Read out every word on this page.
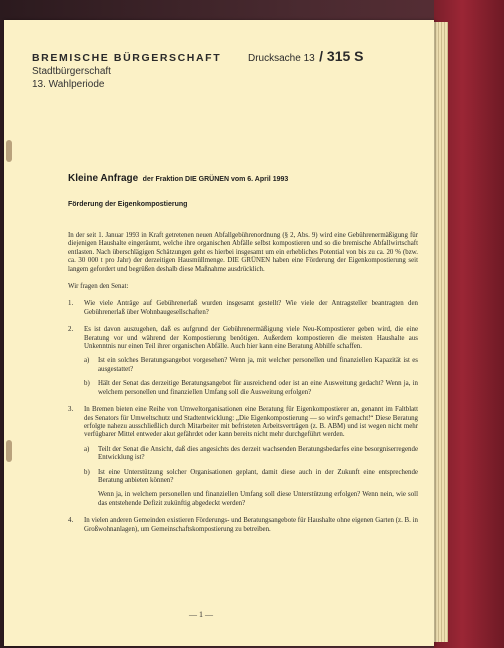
BREMISCHE BÜRGERSCHAFT
Stadtbürgerschaft
13. Wahlperiode
Drucksache 13 / 315 S
Kleine Anfrage der Fraktion DIE GRÜNEN vom 6. April 1993
Förderung der Eigenkompostierung

In der seit 1. Januar 1993 in Kraft getretenen neuen Abfallgebührenordnung (§ 2, Abs. 9) wird eine Gebührenermäßigung für diejenigen Haushalte eingeräumt, welche ihre organischen Abfälle selbst kompostieren und so die bremische Abfallwirtschaft entlasten. Nach überschlägigen Schätzungen geht es hierbei insgesamt um ein erhebliches Potential von bis zu ca. 20 % (bzw. ca. 30 000 t pro Jahr) der derzeitigen Hausmüllmenge. DIE GRÜNEN haben eine Förderung der Eigenkompostierung seit langem gefordert und begrüßen deshalb diese Maßnahme ausdrücklich.

Wir fragen den Senat:

1.	Wie viele Anträge auf Gebührenerlaß wurden insgesamt gestellt? Wie viele der Antragsteller beantragten den Gebührenerlaß über Wohnbaugesellschaften?
2.	Es ist davon auszugehen, daß es aufgrund der Gebührenermäßigung viele Neu-Kompostierer geben wird, die eine Beratung vor und während der Kompostierung benötigen. Außerdem kompostieren die meisten Haushalte aus Unkenntnis nur einen Teil ihrer organischen Abfälle. Auch hier kann eine Beratung Abhilfe schaffen.
a)	Ist ein solches Beratungsangebot vorgesehen? Wenn ja, mit welcher personellen und finanziellen Kapazität ist es ausgestattet?
b)	Hält der Senat das derzeitige Beratungsangebot für ausreichend oder ist an eine Ausweitung gedacht? Wenn ja, in welchem personellen und finanziellen Umfang soll die Ausweitung erfolgen?
3.	In Bremen bieten eine Reihe von Umweltorganisationen eine Beratung für Eigenkompostierer an, genannt im Faltblatt des Senators für Umweltschutz und Stadtentwicklung: „Die Eigenkompostierung — so wird's gemacht!“ Diese Beratung erfolgte nahezu ausschließlich durch Mitarbeiter mit befristeten Arbeitsverträgen (z. B. ABM) und ist wegen nicht mehr verfügbarer Mittel entweder akut gefährdet oder kann bereits nicht mehr durchgeführt werden.
a)	Teilt der Senat die Ansicht, daß dies angesichts des derzeit wachsenden Beratungsbedarfes eine besorgniserregende Entwicklung ist?
b)	Ist eine Unterstützung solcher Organisationen geplant, damit diese auch in der Zukunft eine entsprechende Beratung anbieten können?
Wenn ja, in welchem personellen und finanziellen Umfang soll diese Unterstützung erfolgen? Wenn nein, wie soll das entstehende Defizit zukünftig abgedeckt werden?
4.	In vielen anderen Gemeinden existieren Förderungs- und Beratungsangebote für Haushalte ohne eigenen Garten (z. B. in Großwohnanlagen), um Gemeinschaftskompostierung zu betreiben.
— 1 —
